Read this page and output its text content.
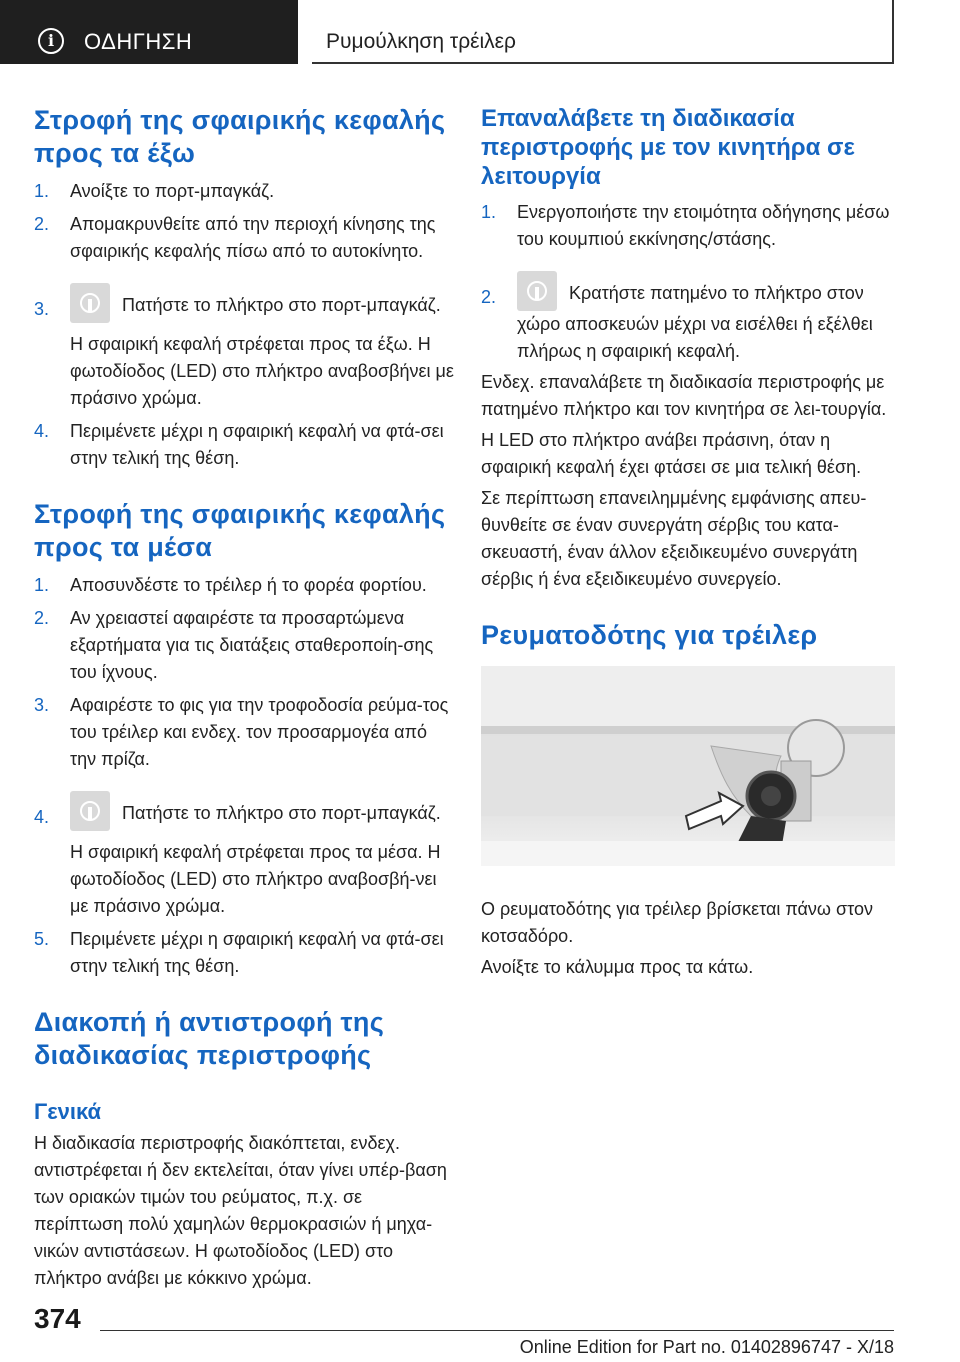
i	ΟΔΗΓΗΣΗ	Ρυμούλκηση τρέιλερ
Στροφή της σφαιρικής κεφαλής προς τα έξω
1. Ανοίξτε το πορτ-μπαγκάζ.
2. Απομακρυνθείτε από την περιοχή κίνησης της σφαιρικής κεφαλής πίσω από το αυτοκίνητο.
3.	Πατήστε το πλήκτρο στο πορτ-μπαγκάζ.
Η σφαιρική κεφαλή στρέφεται προς τα έξω. Η φωτοδίοδος (LED) στο πλήκτρο αναβοσβήνει με πράσινο χρώμα.
4. Περιμένετε μέχρι η σφαιρική κεφαλή να φτά-σει στην τελική της θέση.
Στροφή της σφαιρικής κεφαλής προς τα μέσα
1. Αποσυνδέστε το τρέιλερ ή το φορέα φορτίου.
2. Αν χρειαστεί αφαιρέστε τα προσαρτώμενα εξαρτήματα για τις διατάξεις σταθεροποίη-σης του ίχνους.
3. Αφαιρέστε το φις για την τροφοδοσία ρεύμα-τος του τρέιλερ και ενδεχ. τον προσαρμογέα από την πρίζα.
4.	Πατήστε το πλήκτρο στο πορτ-μπαγκάζ.
Η σφαιρική κεφαλή στρέφεται προς τα μέσα. Η φωτοδίοδος (LED) στο πλήκτρο αναβοσβή-νει με πράσινο χρώμα.
5. Περιμένετε μέχρι η σφαιρική κεφαλή να φτά-σει στην τελική της θέση.
Διακοπή ή αντιστροφή της διαδικασίας περιστροφής
Γενικά

Η διαδικασία περιστροφής διακόπτεται, ενδεχ. αντιστρέφεται ή δεν εκτελείται, όταν γίνει υπέρ-βαση των οριακών τιμών του ρεύματος, π.χ. σε περίπτωση πολύ χαμηλών θερμοκρασιών ή μηχα-νικών αντιστάσεων. Η φωτοδίοδος (LED) στο πλήκτρο ανάβει με κόκκινο χρώμα.

Επαναλάβετε τη διαδικασία περιστροφής με τον κινητήρα σε λειτουργία
1. Ενεργοποιήστε την ετοιμότητα οδήγησης μέσω του κουμπιού εκκίνησης/στάσης.
2.	Κρατήστε πατημένο το πλήκτρο στον χώρο αποσκευών μέχρι να εισέλθει ή εξέλθει πλήρως η σφαιρική κεφαλή.

Ενδεχ. επαναλάβετε τη διαδικασία περιστροφής με πατημένο πλήκτρο και τον κινητήρα σε λει-τουργία.

Η LED στο πλήκτρο ανάβει πράσινη, όταν η σφαιρική κεφαλή έχει φτάσει σε μια τελική θέση.

Σε περίπτωση επανειλημμένης εμφάνισης απευ-θυνθείτε σε έναν συνεργάτη σέρβις του κατα-σκευαστή, έναν άλλον εξειδικευμένο συνεργάτη σέρβις ή ένα εξειδικευμένο συνεργείο.

Ρευματοδότης για τρέιλερ

Ο ρευματοδότης για τρέιλερ βρίσκεται πάνω στον κοτσαδόρο.

Ανοίξτε το κάλυμμα προς τα κάτω.

374
Online Edition for Part no. 01402896747 - X/18
